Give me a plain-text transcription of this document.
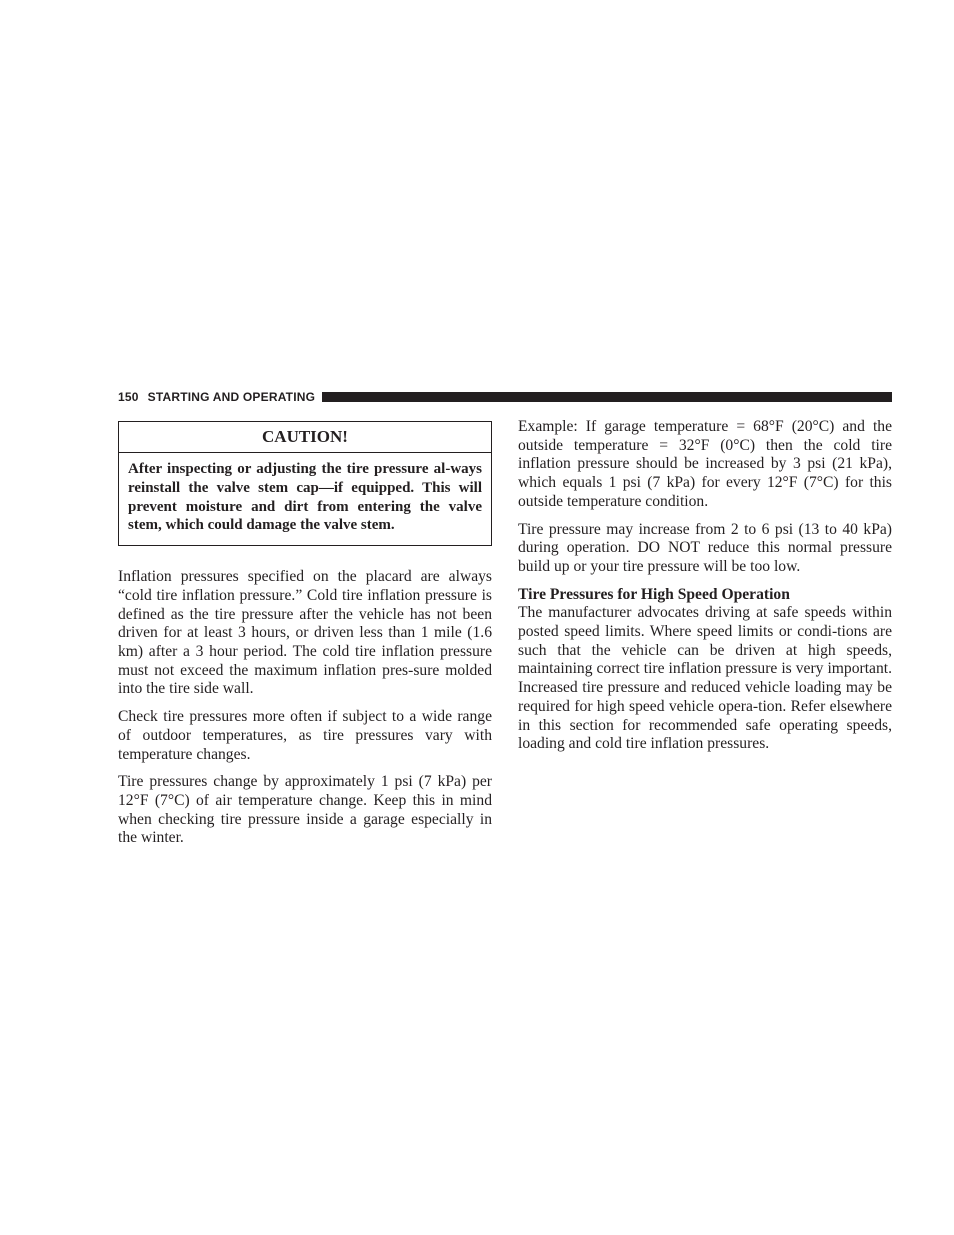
150 STARTING AND OPERATING
CAUTION!
After inspecting or adjusting the tire pressure al-ways reinstall the valve stem cap—if equipped. This will prevent moisture and dirt from entering the valve stem, which could damage the valve stem.

Inflation pressures specified on the placard are always “cold tire inflation pressure.” Cold tire inflation pressure is defined as the tire pressure after the vehicle has not been driven for at least 3 hours, or driven less than 1 mile (1.6 km) after a 3 hour period. The cold tire inflation pressure must not exceed the maximum inflation pres-sure molded into the tire side wall.

Check tire pressures more often if subject to a wide range of outdoor temperatures, as tire pressures vary with temperature changes.

Tire pressures change by approximately 1 psi (7 kPa) per 12°F (7°C) of air temperature change. Keep this in mind when checking tire pressure inside a garage especially in the winter.

Example: If garage temperature = 68°F (20°C) and the outside temperature = 32°F (0°C) then the cold tire inflation pressure should be increased by 3 psi (21 kPa), which equals 1 psi (7 kPa) for every 12°F (7°C) for this outside temperature condition.

Tire pressure may increase from 2 to 6 psi (13 to 40 kPa) during operation. DO NOT reduce this normal pressure build up or your tire pressure will be too low.

Tire Pressures for High Speed Operation

The manufacturer advocates driving at safe speeds within posted speed limits. Where speed limits or condi-tions are such that the vehicle can be driven at high speeds, maintaining correct tire inflation pressure is very important. Increased tire pressure and reduced vehicle loading may be required for high speed vehicle opera-tion. Refer elsewhere in this section for recommended safe operating speeds, loading and cold tire inflation pressures.
